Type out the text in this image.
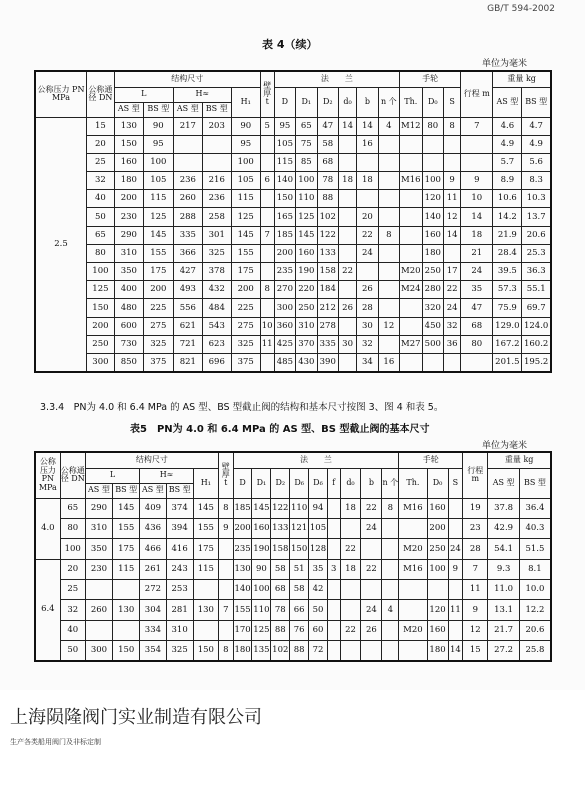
GB/T 594-2002
表 4（续）
单位为毫米
公称压力 PN MPa	公称通径 DN	结构尺寸					壁厚 t	法　　兰						手轮			行程 m	重量 kg	
		L		H≈		H₁		D	D₁	D₂	d₀	b	n 个	Th.	D₀	S		AS 型	BS 型
		AS 型	BS 型	AS 型	BS 型														
2.5	15	130	90	217	203	90	5	95	65	47	14	14	4	M12	80	8	7	4.6	4.7
	20	150	95			95		105	75	58		16						4.9	4.9
	25	160	100			100		115	85	68								5.7	5.6
	32	180	105	236	216	105	6	140	100	78	18	18		M16	100	9	9	8.9	8.3
	40	200	115	260	236	115		150	110	88					120	11	10	10.6	10.3
	50	230	125	288	258	125		165	125	102		20			140	12	14	14.2	13.7
	65	290	145	335	301	145	7	185	145	122		22	8		160	14	18	21.9	20.6
	80	310	155	366	325	155		200	160	133		24			180		21	28.4	25.3
	100	350	175	427	378	175		235	190	158	22			M20	250	17	24	39.5	36.3
	125	400	200	493	432	200	8	270	220	184		26		M24	280	22	35	57.3	55.1
	150	480	225	556	484	225		300	250	212	26	28			320	24	47	75.9	69.7
	200	600	275	621	543	275	10	360	310	278		30	12		450	32	68	129.0	124.0
	250	730	325	721	623	325	11	425	370	335	30	32		M27	500	36	80	167.2	160.2
	300	850	375	821	696	375		485	430	390		34	16					201.5	195.2
3.3.4　PN为 4.0 和 6.4 MPa 的 AS 型、BS 型截止阀的结构和基本尺寸按图 3、图 4 和表 5。
表5　PN为 4.0 和 6.4 MPa 的 AS 型、BS 型截止阀的基本尺寸
单位为毫米
公称压力 PN MPa	公称通径 DN	结构尺寸					壁厚 t	法　　兰									手轮			行程 m	重量 kg	
		L		H≈		H₁		D	D₁	D₂	D₆	D₆	f	d₀	b	n 个	Th.	D₀	S		AS 型	BS 型
		AS 型	BS 型	AS 型	BS 型																	
4.0	65	290	145	409	374	145	8	185	145	122	110	94		18	22	8	M16	160		19	37.8	36.4
	80	310	155	436	394	155	9	200	160	133	121	105			24			200		23	42.9	40.3
	100	350	175	466	416	175		235	190	158	150	128		22			M20	250	24	28	54.1	51.5
6.4	20	230	115	261	243	115		130	90	58	51	35	3	18	22		M16	100	9	7	9.3	8.1
	25			272	253			140	100	68	58	42								11	11.0	10.0
	32	260	130	304	281	130	7	155	110	78	66	50			24	4		120	11	9	13.1	12.2
	40			334	310			170	125	88	76	60		22	26		M20	160		12	21.7	20.6
	50	300	150	354	325	150	8	180	135	102	88	72						180	14	15	27.2	25.8
上海陨隆阀门实业制造有限公司
生产各类船用阀门及非标定制
